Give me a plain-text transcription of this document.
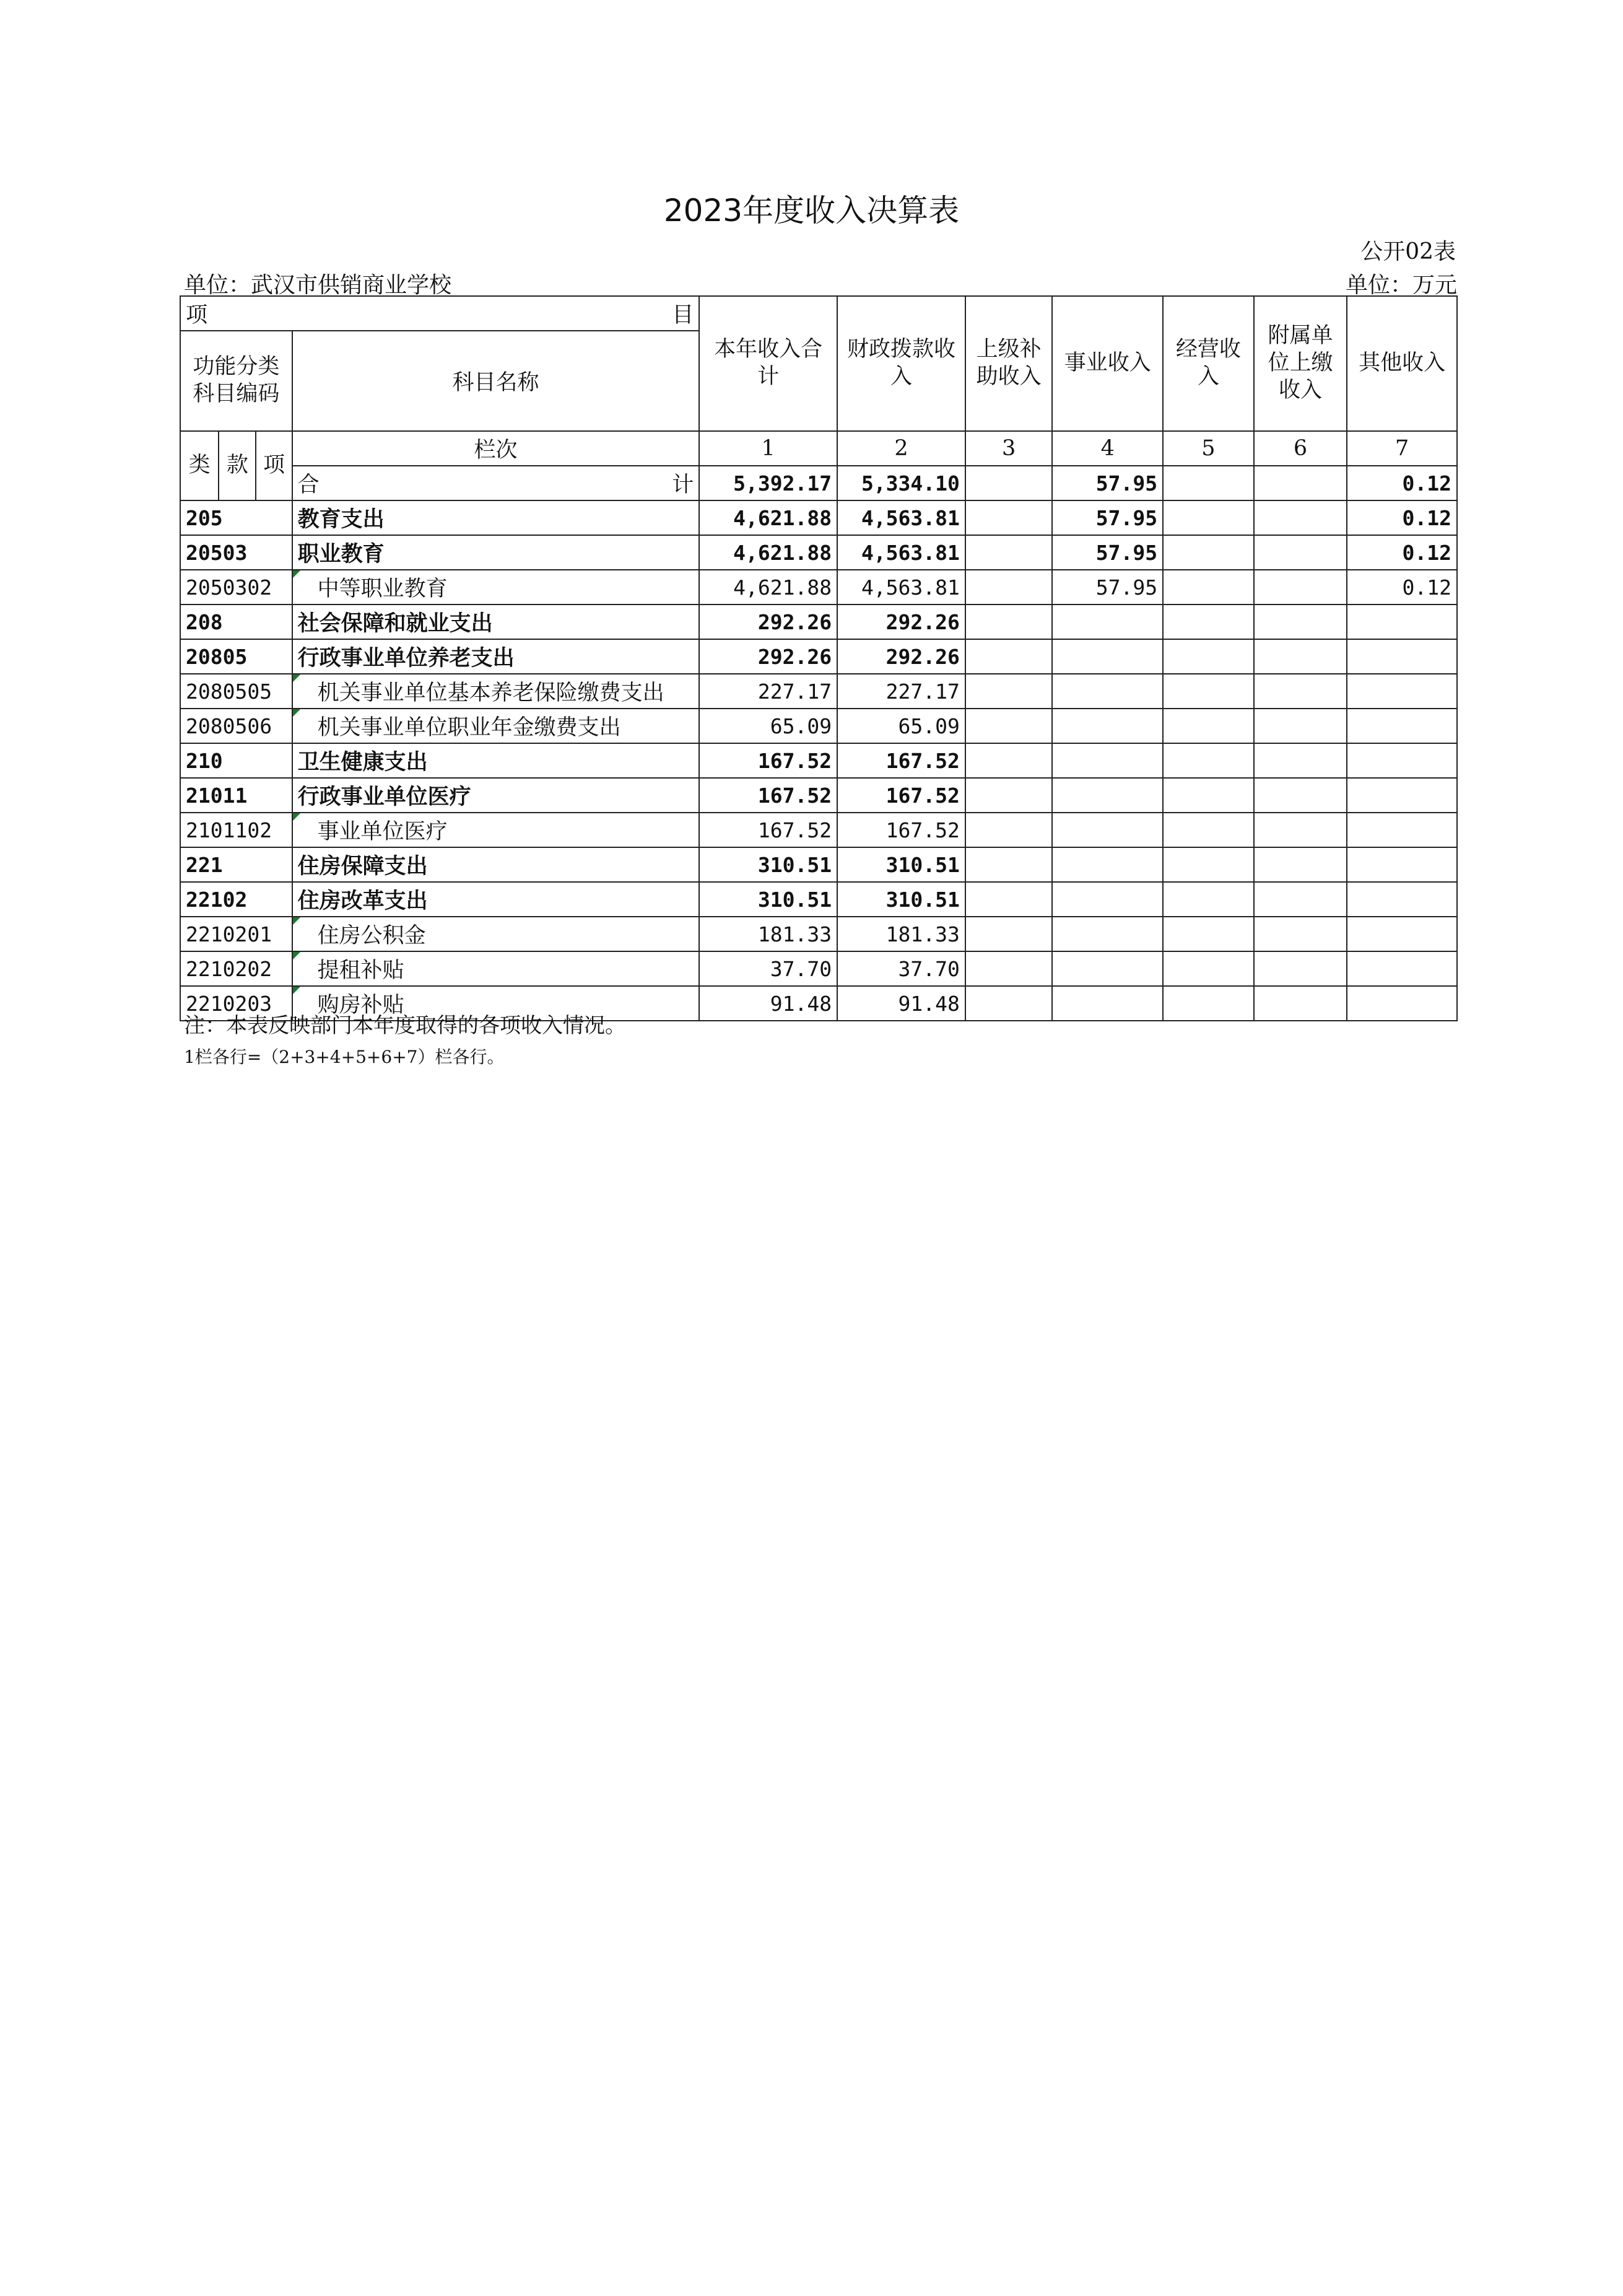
2023年度收入决算表
公开02表
单位：武汉市供销商业学校	单位：万元
项 目				本年收入合计	财政拨款收入	上级补助收入	事业收入	经营收入	附属单位上缴收入	其他收入
功能分类科目编码			科目名称							
类	款	项	栏次	1	2	3	4	5	6	7

			合 计	5,392.17	5,334.10		57.95			0.12
205			教育支出	4,621.88	4,563.81		57.95			0.12
20503			职业教育	4,621.88	4,563.81		57.95			0.12
2050302			中等职业教育	4,621.88	4,563.81		57.95			0.12
208			社会保障和就业支出	292.26	292.26					
20805			行政事业单位养老支出	292.26	292.26					
2080505			机关事业单位基本养老保险缴费支出	227.17	227.17					
2080506			机关事业单位职业年金缴费支出	65.09	65.09					
210			卫生健康支出	167.52	167.52					
21011			行政事业单位医疗	167.52	167.52					
2101102			事业单位医疗	167.52	167.52					
221			住房保障支出	310.51	310.51					
22102			住房改革支出	310.51	310.51					
2210201			住房公积金	181.33	181.33					
2210202			提租补贴	37.70	37.70					
2210203			购房补贴	91.48	91.48					
注：本表反映部门本年度取得的各项收入情况。
1栏各行=（2+3+4+5+6+7）栏各行。
